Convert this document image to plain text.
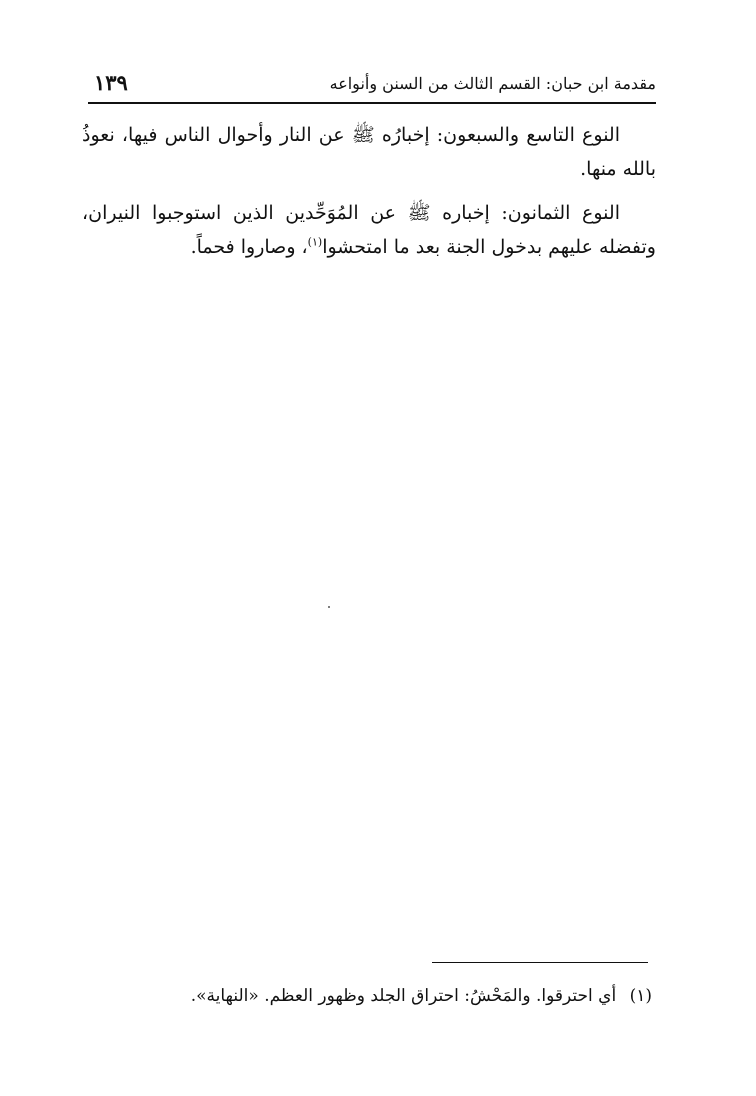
مقدمة ابن حبان: القسم الثالث من السنن وأنواعه
١٣٩

النوع التاسع والسبعون: إخبارُه ﷺ عن النار وأحوال الناس فيها، نعوذُ بالله منها.

النوع الثمانون: إخباره ﷺ عن المُوَحِّدين الذين استوجبوا النيران، وتفضله عليهم بدخول الجنة بعد ما امتحشوا$^{(١)}$، وصاروا فحماً.

(١) أي احترقوا. والمَحْشُ: احتراق الجلد وظهور العظم. «النهاية».
